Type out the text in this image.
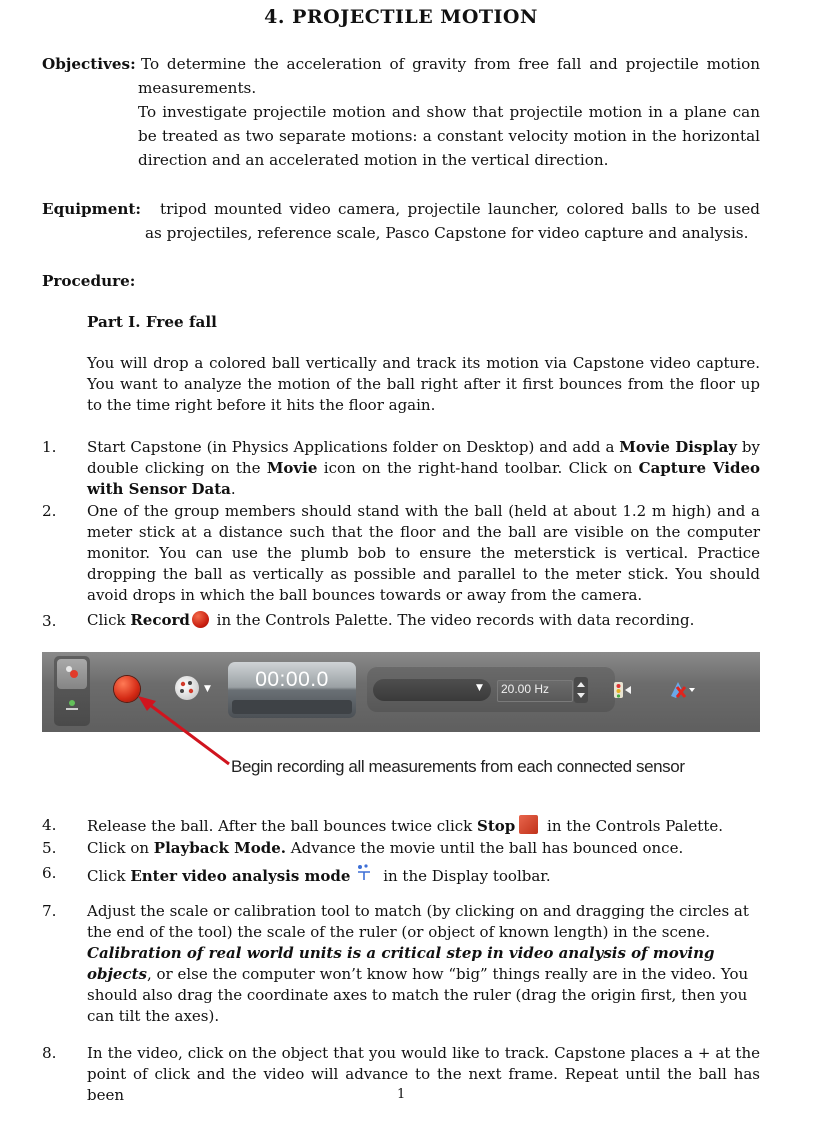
4. PROJECTILE MOTION
Objectives: To determine the acceleration of gravity from free fall and projectile motion
measurements.
To investigate projectile motion and show that projectile motion in a plane can
be treated as two separate motions: a constant velocity motion in the horizontal
direction and an accelerated motion in the vertical direction.
Equipment: tripod mounted video camera, projectile launcher, colored balls to be used
as projectiles, reference scale, Pasco Capstone for video capture and analysis.
Procedure:
Part I. Free fall
You will drop a colored ball vertically and track its motion via Capstone video capture.
You want to analyze the motion of the ball right after it first bounces from the floor up
to the time right before it hits the floor again.
1. Start Capstone (in Physics Applications folder on Desktop) and add a Movie Display by double clicking on the Movie icon on the right-hand toolbar. Click on Capture Video with Sensor Data.
2. One of the group members should stand with the ball (held at about 1.2 m high) and a meter stick at a distance such that the floor and the ball are visible on the computer monitor. You can use the plumb bob to ensure the meterstick is vertical. Practice dropping the ball as vertically as possible and parallel to the meter stick. You should avoid drops in which the ball bounces towards or away from the camera.
3. Click Record in the Controls Palette. The video records with data recording.
▼	00:00.0	▼ 20.00 Hz
Begin recording all measurements from each connected sensor
4. Release the ball. After the ball bounces twice click Stop in the Controls Palette.
5. Click on Playback Mode. Advance the movie until the ball has bounced once.
6. Click Enter video analysis mode in the Display toolbar.
7. Adjust the scale or calibration tool to match (by clicking on and dragging the circles at the end of the tool) the scale of the ruler (or object of known length) in the scene. Calibration of real world units is a critical step in video analysis of moving objects, or else the computer won’t know how “big” things really are in the video. You should also drag the coordinate axes to match the ruler (drag the origin first, then you can tilt the axes).
8. In the video, click on the object that you would like to track. Capstone places a + at the
point of click and the video will advance to the next frame. Repeat until the ball has been	1
